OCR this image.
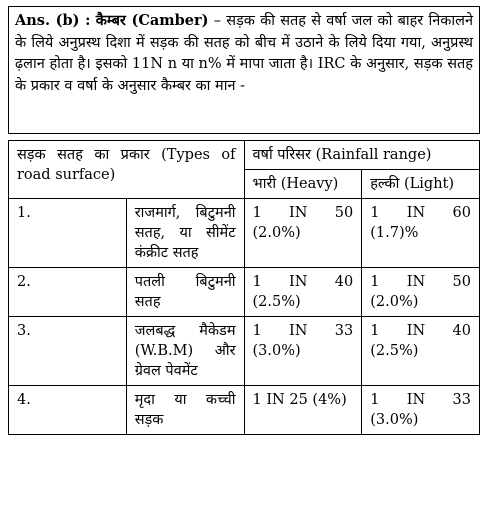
Ans. (b) : कैम्बर (Camber) – सड़क की सतह से वर्षा जल को बाहर निकालने के लिये अनुप्रस्थ दिशा में सड़क की सतह को बीच में उठाने के लिये दिया गया, अनुप्रस्थ ढ़लान होता है। इसको 11N n या n% में मापा जाता है। IRC के अनुसार, सड़क सतह के प्रकार व वर्षा के अनुसार कैम्बर का मान -
सड़क सतह का प्रकार (Types of road surface)		वर्षा परिसर (Rainfall range)	
		भारी (Heavy)	हल्की (Light)
1.	राजमार्ग, बिटुमनी सतह, या सीमेंट कंक्रीट सतह	1 IN 50 (2.0%)	1 IN 60 (1.7)%
2.	पतली बिटुमनी सतह	1 IN 40 (2.5%)	1 IN 50 (2.0%)
3.	जलबद्ध मैकेडम (W.B.M) और ग्रेवल पेवमेंट	1 IN 33 (3.0%)	1 IN 40 (2.5%)
4.	मृदा या कच्ची सड़क	1 IN 25 (4%)	1 IN 33 (3.0%)
